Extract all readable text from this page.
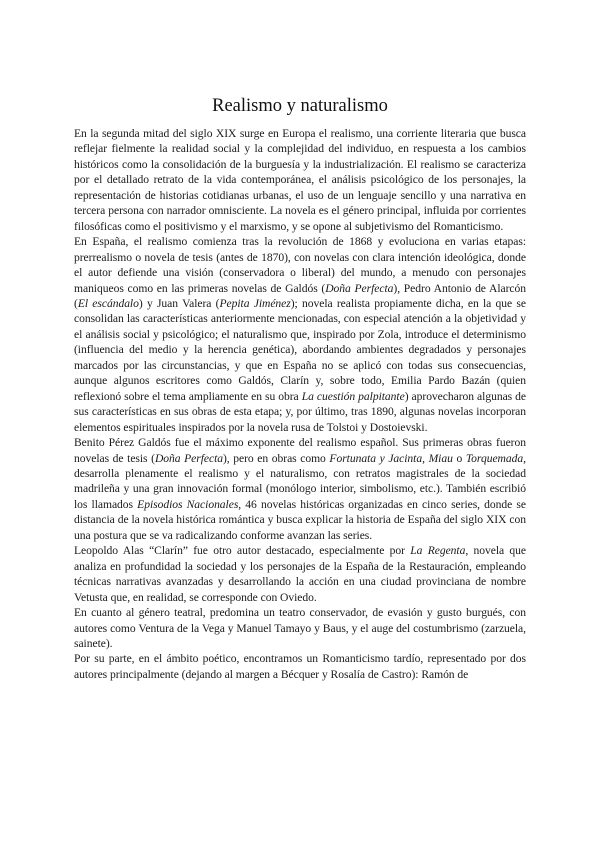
Realismo y naturalismo

En la segunda mitad del siglo XIX surge en Europa el realismo, una corriente literaria que busca reflejar fielmente la realidad social y la complejidad del individuo, en respuesta a los cambios históricos como la consolidación de la burguesía y la industrialización. El realismo se caracteriza por el detallado retrato de la vida contemporánea, el análisis psicológico de los personajes, la representación de historias cotidianas urbanas, el uso de un lenguaje sencillo y una narrativa en tercera persona con narrador omnisciente. La novela es el género principal, influida por corrientes filosóficas como el positivismo y el marxismo, y se opone al subjetivismo del Romanticismo.

En España, el realismo comienza tras la revolución de 1868 y evoluciona en varias etapas: prerrealismo o novela de tesis (antes de 1870), con novelas con clara intención ideológica, donde el autor defiende una visión (conservadora o liberal) del mundo, a menudo con personajes maniqueos como en las primeras novelas de Galdós (Doña Perfecta), Pedro Antonio de Alarcón (El escándalo) y Juan Valera (Pepita Jiménez); novela realista propiamente dicha, en la que se consolidan las características anteriormente mencionadas, con especial atención a la objetividad y el análisis social y psicológico; el naturalismo que, inspirado por Zola, introduce el determinismo (influencia del medio y la herencia genética), abordando ambientes degradados y personajes marcados por las circunstancias, y que en España no se aplicó con todas sus consecuencias, aunque algunos escritores como Galdós, Clarín y, sobre todo, Emilia Pardo Bazán (quien reflexionó sobre el tema ampliamente en su obra La cuestión palpitante) aprovecharon algunas de sus características en sus obras de esta etapa; y, por último, tras 1890, algunas novelas incorporan elementos espirituales inspirados por la novela rusa de Tolstoi y Dostoievski.

Benito Pérez Galdós fue el máximo exponente del realismo español. Sus primeras obras fueron novelas de tesis (Doña Perfecta), pero en obras como Fortunata y Jacinta, Miau o Torquemada, desarrolla plenamente el realismo y el naturalismo, con retratos magistrales de la sociedad madrileña y una gran innovación formal (monólogo interior, simbolismo, etc.). También escribió los llamados Episodios Nacionales, 46 novelas históricas organizadas en cinco series, donde se distancia de la novela histórica romántica y busca explicar la historia de España del siglo XIX con una postura que se va radicalizando conforme avanzan las series.

Leopoldo Alas “Clarín” fue otro autor destacado, especialmente por La Regenta, novela que analiza en profundidad la sociedad y los personajes de la España de la Restauración, empleando técnicas narrativas avanzadas y desarrollando la acción en una ciudad provinciana de nombre Vetusta que, en realidad, se corresponde con Oviedo.

En cuanto al género teatral, predomina un teatro conservador, de evasión y gusto burgués, con autores como Ventura de la Vega y Manuel Tamayo y Baus, y el auge del costumbrismo (zarzuela, sainete).

Por su parte, en el ámbito poético, encontramos un Romanticismo tardío, representado por dos autores principalmente (dejando al margen a Bécquer y Rosalía de Castro): Ramón de
